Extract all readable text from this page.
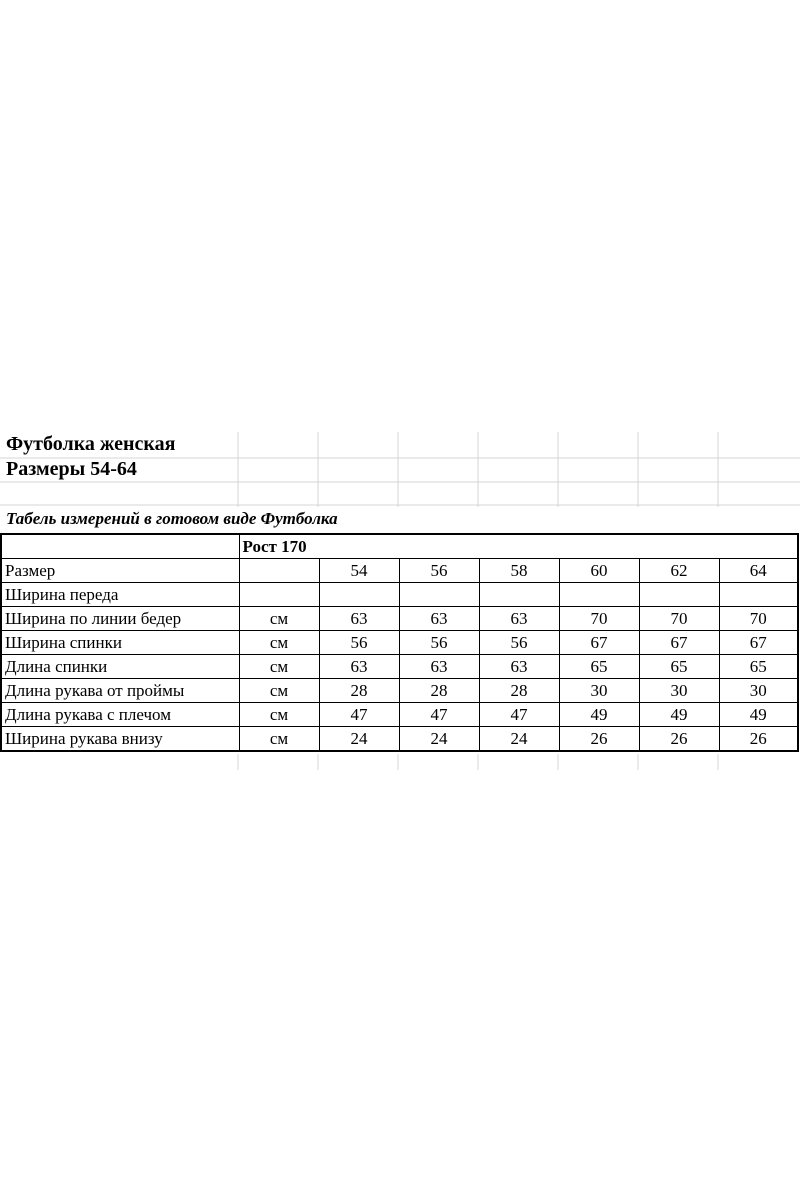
Футболка женская
Размеры 54-64
Табель измерений в готовом виде Футболка
	Рост 170						
Размер		54	56	58	60	62	64
Ширина переда							
Ширина по линии бедер	см	63	63	63	70	70	70
Ширина спинки	см	56	56	56	67	67	67
Длина спинки	см	63	63	63	65	65	65
Длина рукава от проймы	см	28	28	28	30	30	30
Длина рукава с плечом	см	47	47	47	49	49	49
Ширина рукава внизу	см	24	24	24	26	26	26
